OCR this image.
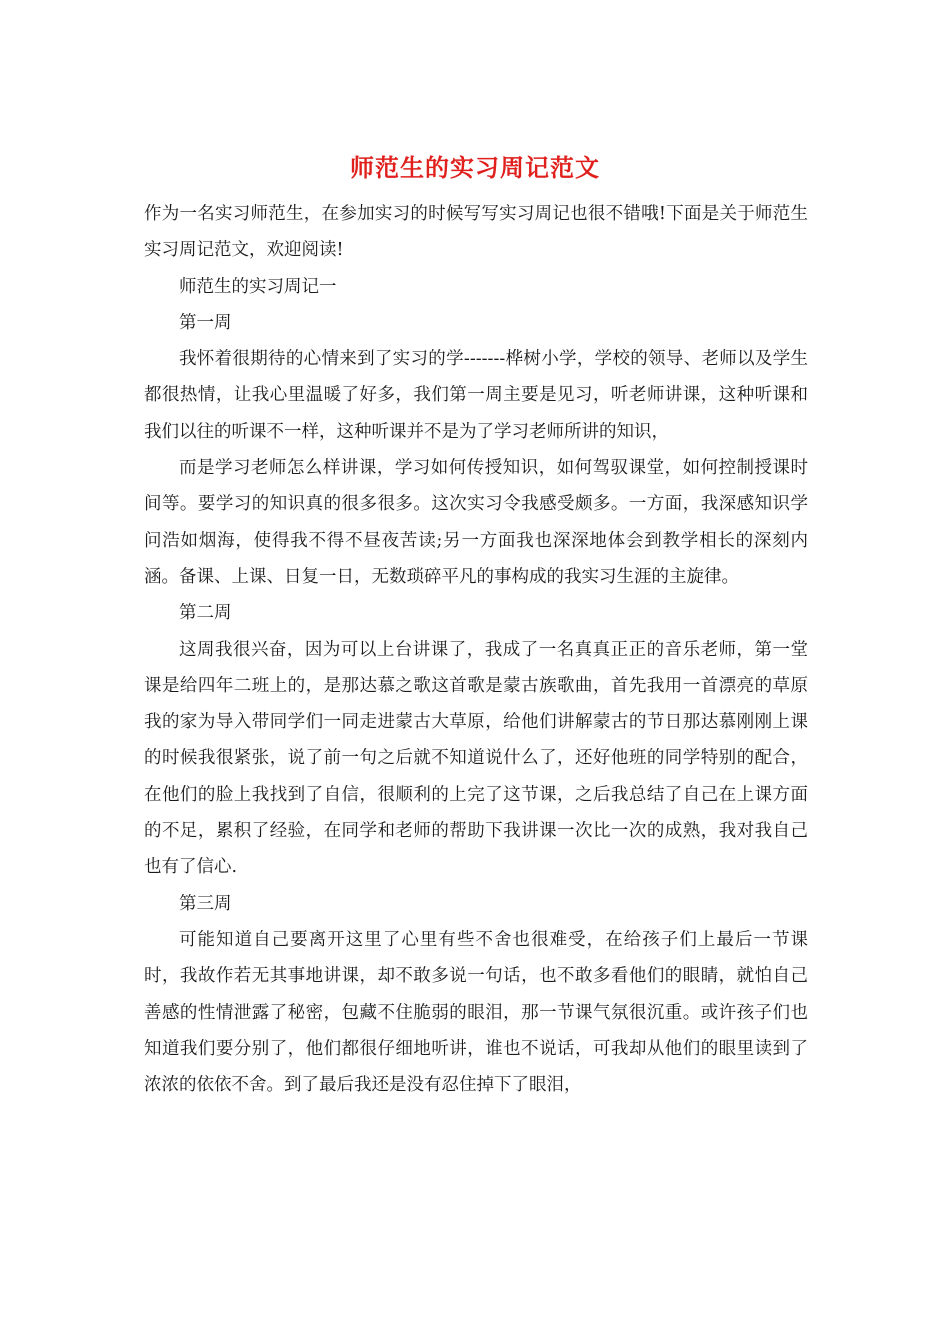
师范生的实习周记范文

作为一名实习师范生，在参加实习的时候写写实习周记也很不错哦!下面是关于师范生实习周记范文，欢迎阅读!

师范生的实习周记一

第一周

我怀着很期待的心情来到了实习的学-------桦树小学，学校的领导、老师以及学生都很热情，让我心里温暖了好多，我们第一周主要是见习，听老师讲课，这种听课和我们以往的听课不一样，这种听课并不是为了学习老师所讲的知识，

而是学习老师怎么样讲课，学习如何传授知识，如何驾驭课堂，如何控制授课时间等。要学习的知识真的很多很多。这次实习令我感受颇多。一方面，我深感知识学问浩如烟海，使得我不得不昼夜苦读;另一方面我也深深地体会到教学相长的深刻内涵。备课、上课、日复一日，无数琐碎平凡的事构成的我实习生涯的主旋律。

第二周

这周我很兴奋，因为可以上台讲课了，我成了一名真真正正的音乐老师，第一堂课是给四年二班上的，是那达慕之歌这首歌是蒙古族歌曲，首先我用一首漂亮的草原我的家为导入带同学们一同走进蒙古大草原，给他们讲解蒙古的节日那达慕刚刚上课的时候我很紧张，说了前一句之后就不知道说什么了，还好他班的同学特别的配合，在他们的脸上我找到了自信，很顺利的上完了这节课，之后我总结了自己在上课方面的不足，累积了经验，在同学和老师的帮助下我讲课一次比一次的成熟，我对我自己也有了信心.

第三周

可能知道自己要离开这里了心里有些不舍也很难受，在给孩子们上最后一节课时，我故作若无其事地讲课，却不敢多说一句话，也不敢多看他们的眼睛，就怕自己善感的性情泄露了秘密，包藏不住脆弱的眼泪，那一节课气氛很沉重。或许孩子们也知道我们要分别了，他们都很仔细地听讲，谁也不说话，可我却从他们的眼里读到了浓浓的依依不舍。到了最后我还是没有忍住掉下了眼泪，
